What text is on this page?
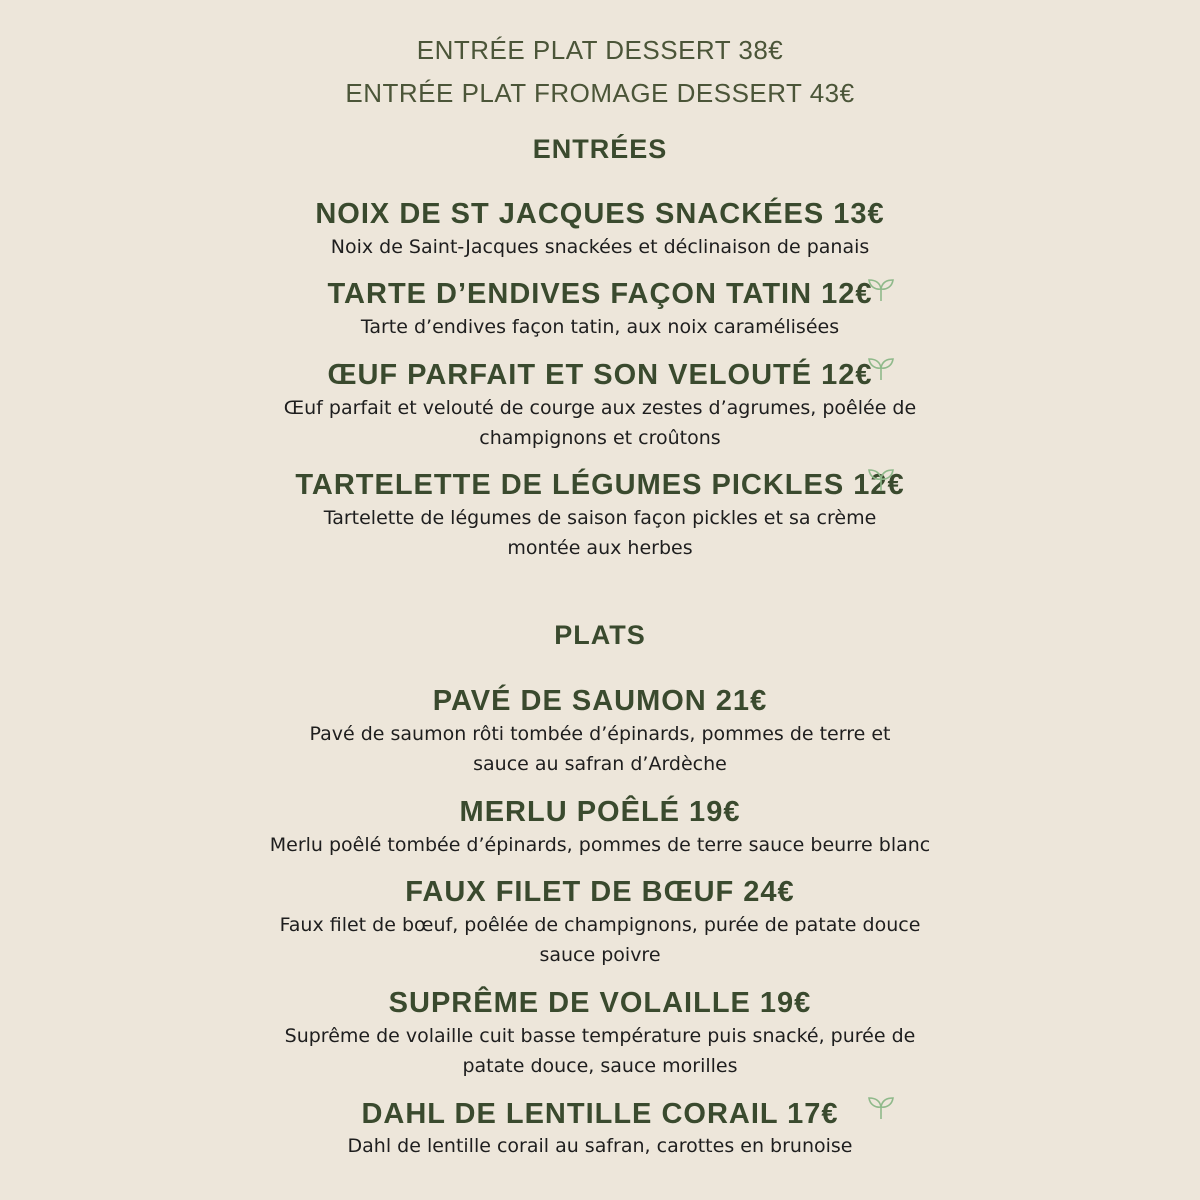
ENTRÉE PLAT DESSERT 38€
ENTRÉE PLAT FROMAGE DESSERT 43€
ENTRÉES
NOIX DE ST JACQUES SNACKÉES 13€
Noix de Saint-Jacques snackées et déclinaison de panais
TARTE D’ENDIVES FAÇON TATIN 12€
Tarte d’endives façon tatin, aux noix caramélisées
ŒUF PARFAIT ET SON VELOUTÉ 12€
Œuf parfait et velouté de courge aux zestes d’agrumes, poêlée de
champignons et croûtons
TARTELETTE DE LÉGUMES PICKLES 12€
Tartelette de légumes de saison façon pickles et sa crème
montée aux herbes
PLATS
PAVÉ DE SAUMON 21€
Pavé de saumon rôti tombée d’épinards, pommes de terre et
sauce au safran d’Ardèche
MERLU POÊLÉ 19€
Merlu poêlé tombée d’épinards, pommes de terre sauce beurre blanc
FAUX FILET DE BŒUF 24€
Faux filet de bœuf, poêlée de champignons, purée de patate douce
sauce poivre
SUPRÊME DE VOLAILLE 19€
Suprême de volaille cuit basse température puis snacké, purée de
patate douce, sauce morilles
DAHL DE LENTILLE CORAIL 17€
Dahl de lentille corail au safran, carottes en brunoise
